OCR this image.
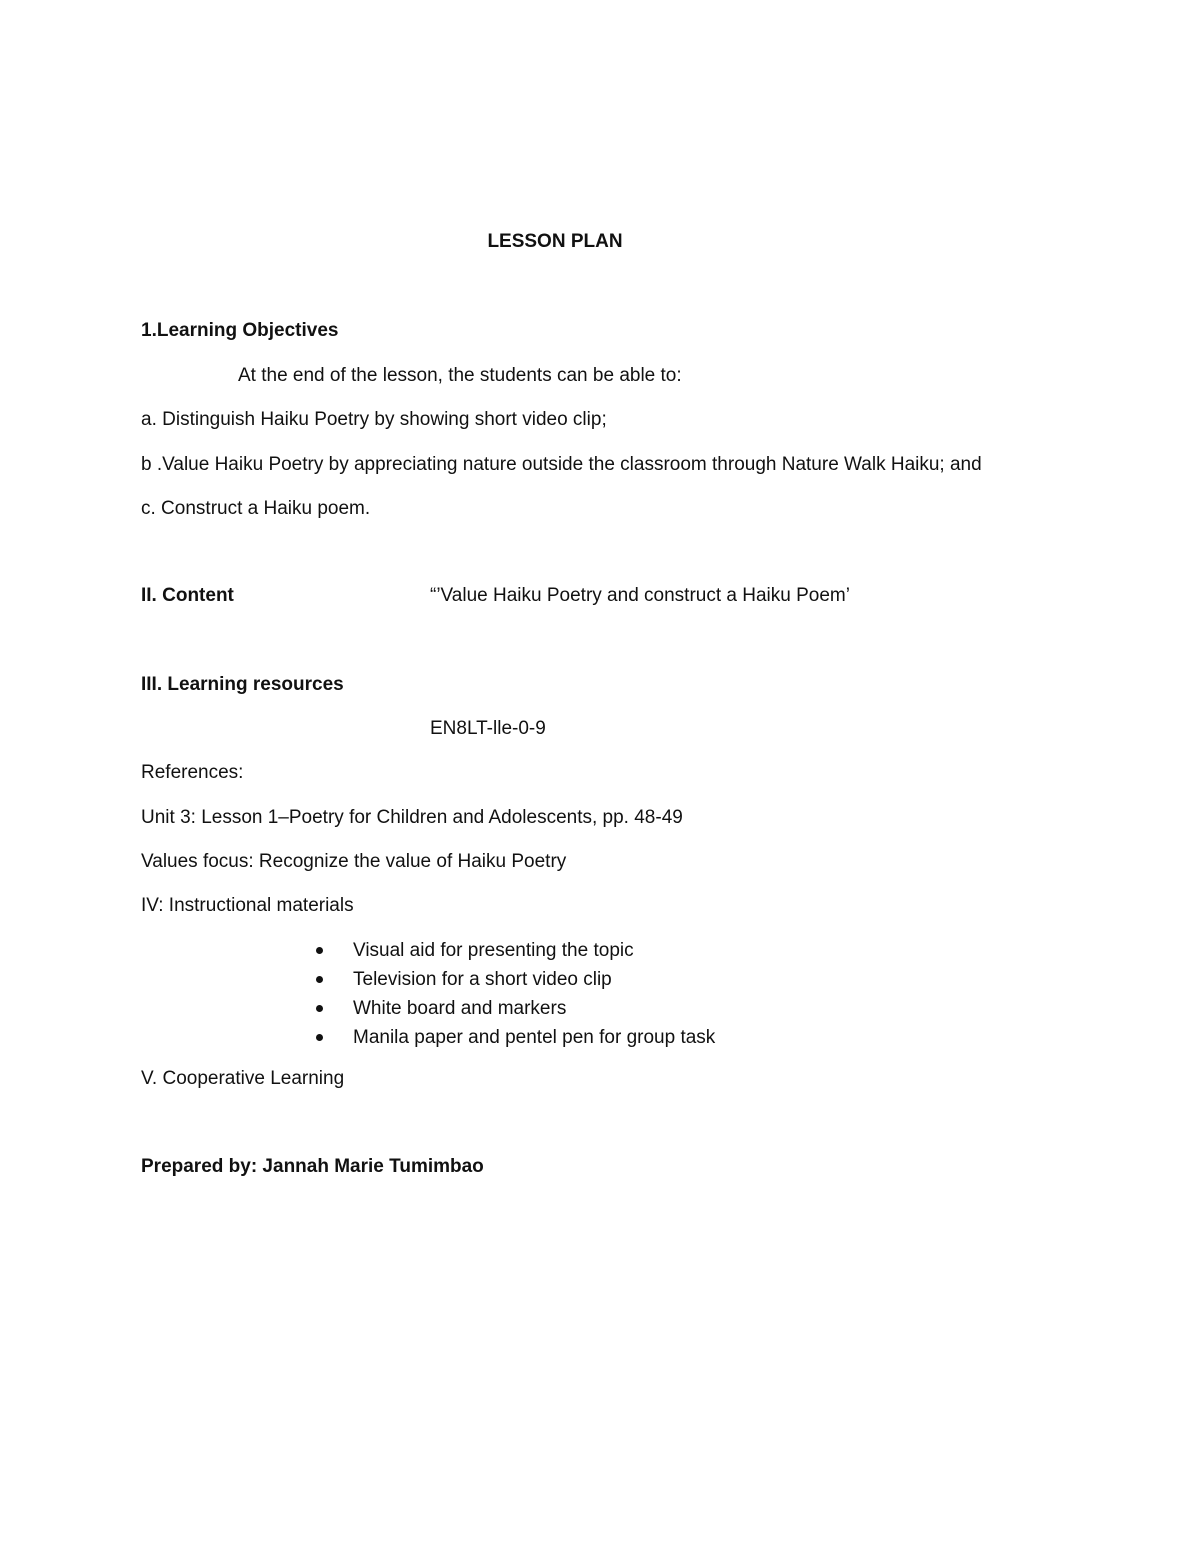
LESSON PLAN
1.Learning Objectives
At the end of the lesson, the students can be able to:
a. Distinguish Haiku Poetry by showing short video clip;
b .Value Haiku Poetry by appreciating nature outside the classroom through Nature Walk Haiku; and
c. Construct a Haiku poem.
II. Content	“’Value Haiku Poetry and construct a Haiku Poem’
III. Learning resources
EN8LT-lle-0-9
References:
Unit 3: Lesson 1–Poetry for Children and Adolescents, pp. 48-49
Values focus: Recognize the value of Haiku Poetry
IV: Instructional materials
Visual aid for presenting the topic
Television for a short video clip
White board and markers
Manila paper and pentel pen for group task
V. Cooperative Learning
Prepared by: Jannah Marie Tumimbao
